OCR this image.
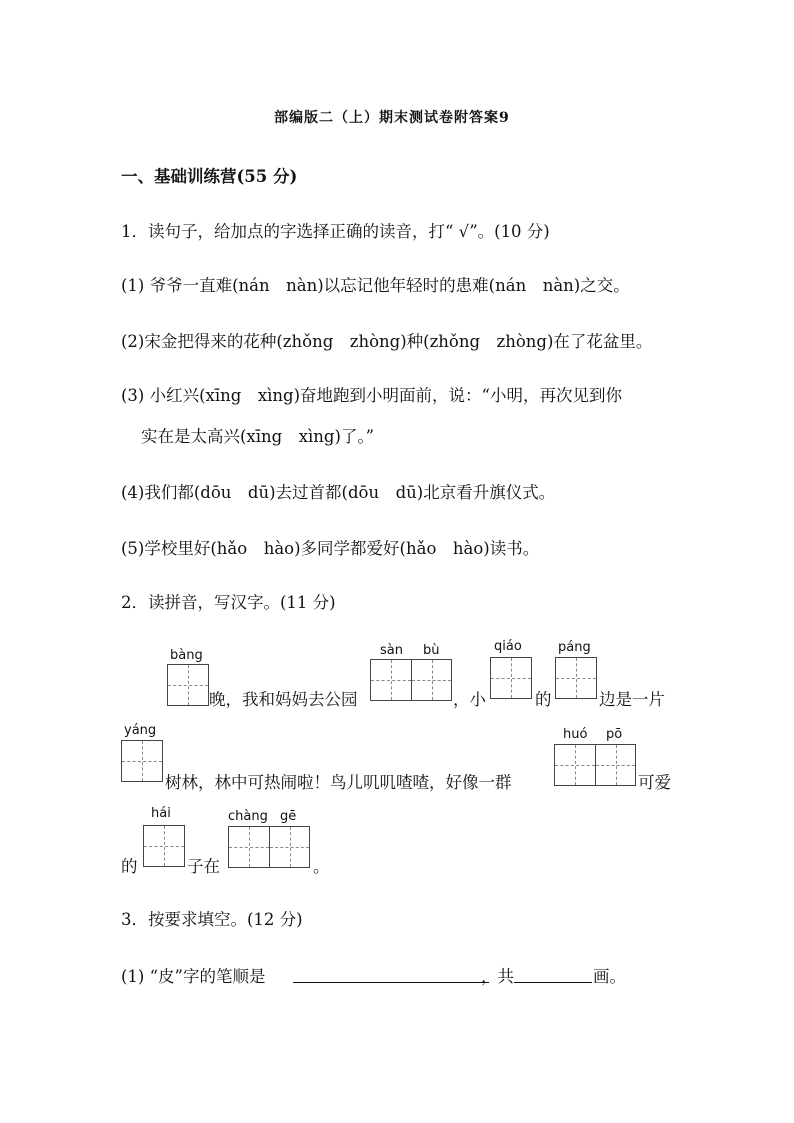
部编版二（上）期末测试卷附答案9
一、基础训练营(55 分)
1．读句子，给加点的字选择正确的读音，打“ √”。(10 分)
(1) 爷爷一直难(nán　nàn)以忘记他年轻时的患难(nán　nàn)之交。
(2)宋金把得来的花种(zhǒng　zhòng)种(zhǒng　zhòng)在了花盆里。
(3) 小红兴(xīng　xìng)奋地跑到小明面前，说：“小明，再次见到你
实在是太高兴(xīng　xìng)了。”
(4)我们都(dōu　dū)去过首都(dōu　dū)北京看升旗仪式。
(5)学校里好(hǎo　hào)多同学都爱好(hǎo　hào)读书。
2．读拼音，写汉字。(11 分)
bàng
晚，我和妈妈去公园
sàn bù
，小
qiáo
的
páng
边是一片
yáng
树林，林中可热闹啦！鸟儿叽叽喳喳，好像一群
huó pō
可爱
的
hái
子在
chàng gē
。
3．按要求填空。(12 分)
(1) “皮”字的笔顺是	，共	画。
